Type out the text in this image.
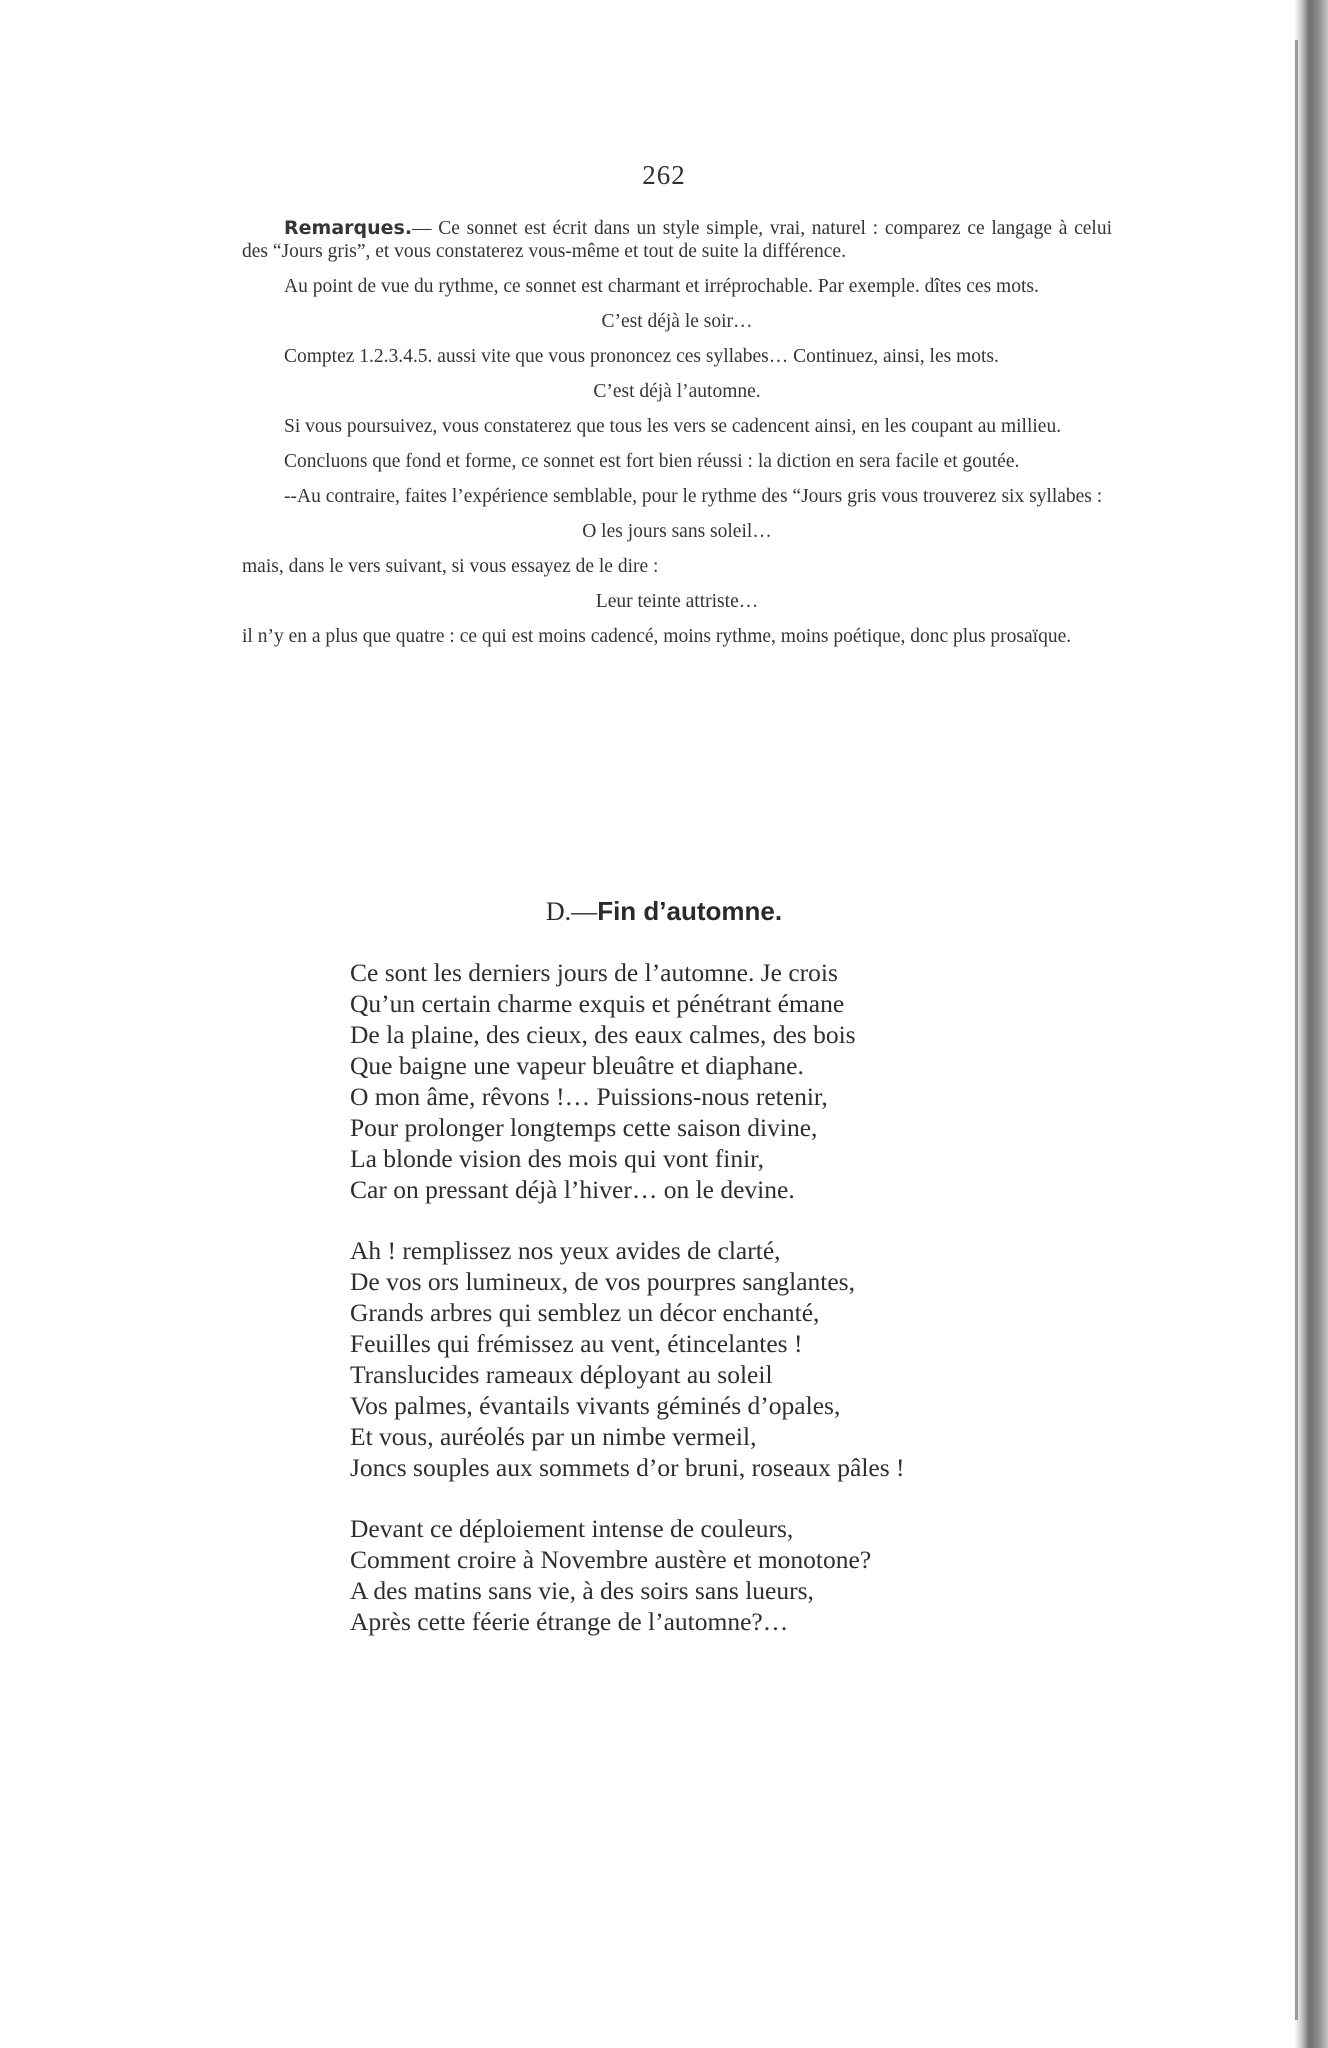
262

Remarques.— Ce sonnet est écrit dans un style simple, vrai, naturel : comparez ce langage à celui des “Jours gris”, et vous constaterez vous-même et tout de suite la différence.

Au point de vue du rythme, ce sonnet est charmant et irréprochable. Par exemple. dîtes ces mots.

C’est déjà le soir…

Comptez 1.2.3.4.5. aussi vite que vous prononcez ces syllabes… Continuez, ainsi, les mots.

C’est déjà l’automne.

Si vous poursuivez, vous constaterez que tous les vers se cadencent ainsi, en les coupant au millieu.

Concluons que fond et forme, ce sonnet est fort bien réussi : la diction en sera facile et goutée.

--Au contraire, faites l’expérience semblable, pour le rythme des “Jours gris vous trouverez six syllabes :

O les jours sans soleil…

mais, dans le vers suivant, si vous essayez de le dire :

Leur teinte attriste…

il n’y en a plus que quatre : ce qui est moins cadencé, moins rythme, moins poétique, donc plus prosaïque.

D.—Fin d’automne.
Ce sont les derniers jours de l’automne. Je crois
Qu’un certain charme exquis et pénétrant émane
De la plaine, des cieux, des eaux calmes, des bois
Que baigne une vapeur bleuâtre et diaphane.
O mon âme, rêvons !… Puissions-nous retenir,
Pour prolonger longtemps cette saison divine,
La blonde vision des mois qui vont finir,
Car on pressant déjà l’hiver… on le devine.
Ah ! remplissez nos yeux avides de clarté,
De vos ors lumineux, de vos pourpres sanglantes,
Grands arbres qui semblez un décor enchanté,
Feuilles qui frémissez au vent, étincelantes !
Translucides rameaux déployant au soleil
Vos palmes, évantails vivants géminés d’opales,
Et vous, auréolés par un nimbe vermeil,
Joncs souples aux sommets d’or bruni, roseaux pâles !
Devant ce déploiement intense de couleurs,
Comment croire à Novembre austère et monotone?
A des matins sans vie, à des soirs sans lueurs,
Après cette féerie étrange de l’automne?…
